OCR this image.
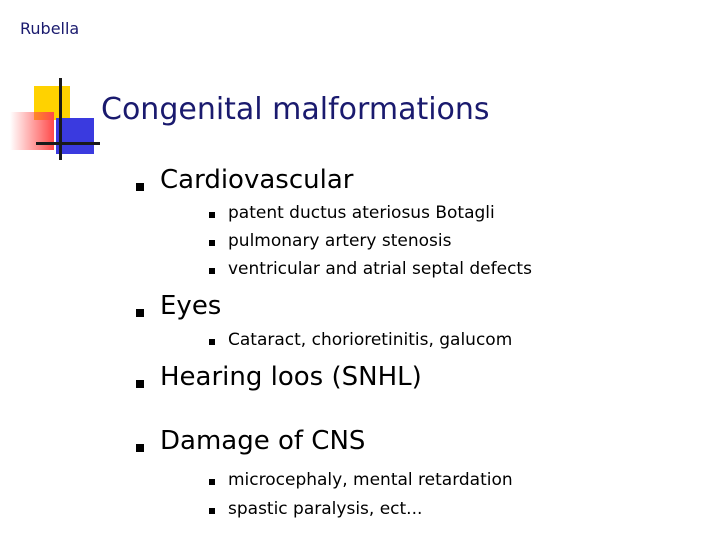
Rubella
Congenital malformations
Cardiovascular
patent ductus ateriosus Botagli
pulmonary artery stenosis
ventricular and atrial septal defects
Eyes
Cataract, chorioretinitis, galucom
Hearing loos (SNHL)
Damage of CNS
microcephaly, mental retardation
spastic paralysis, ect...
